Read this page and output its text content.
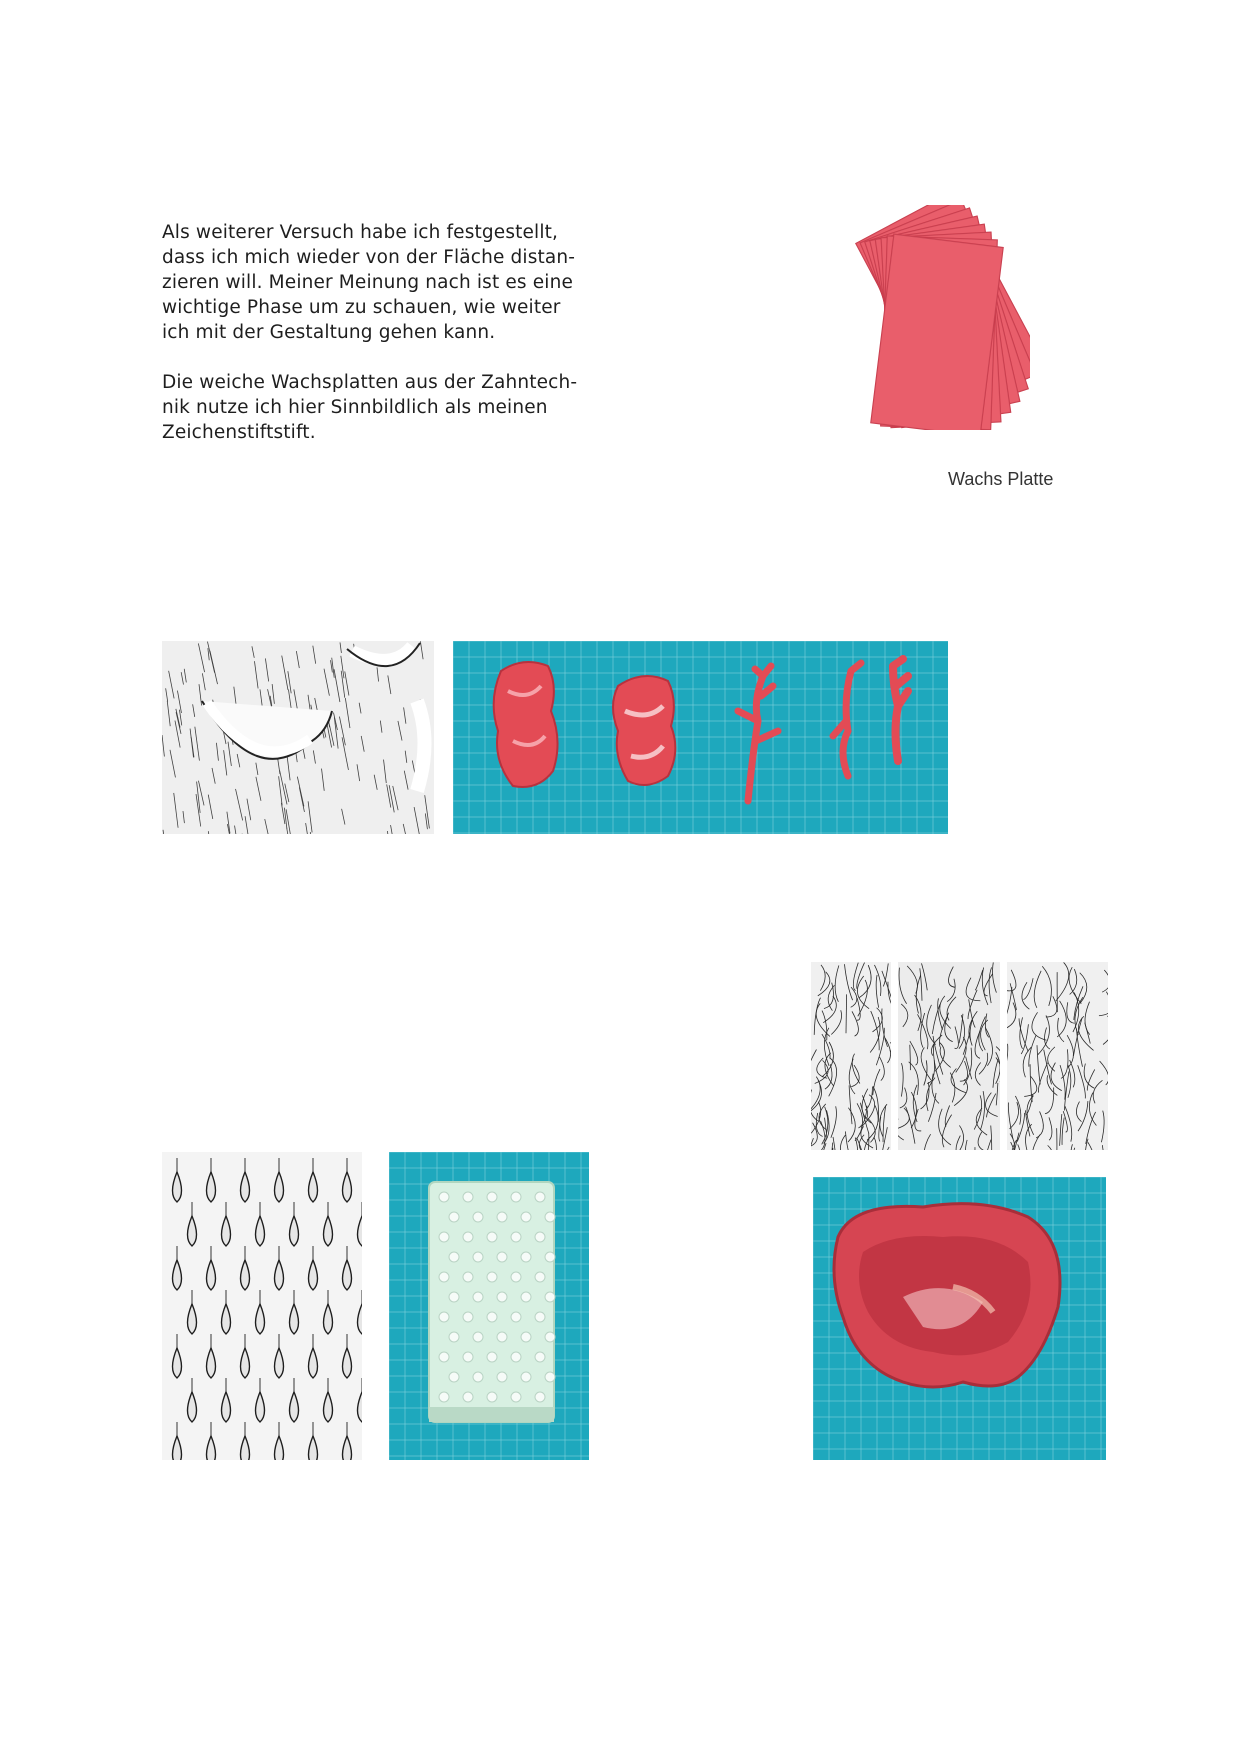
Als weiterer Versuch habe ich festgestellt,
dass ich mich wieder von der Fläche distan-
zieren will. Meiner Meinung nach ist es eine
wichtige Phase um zu schauen, wie weiter
ich mit der Gestaltung gehen kann.
Die weiche Wachsplatten aus der Zahntech-
nik nutze ich hier Sinnbildlich als meinen
Zeichenstiftstift.
Wachs Platte
